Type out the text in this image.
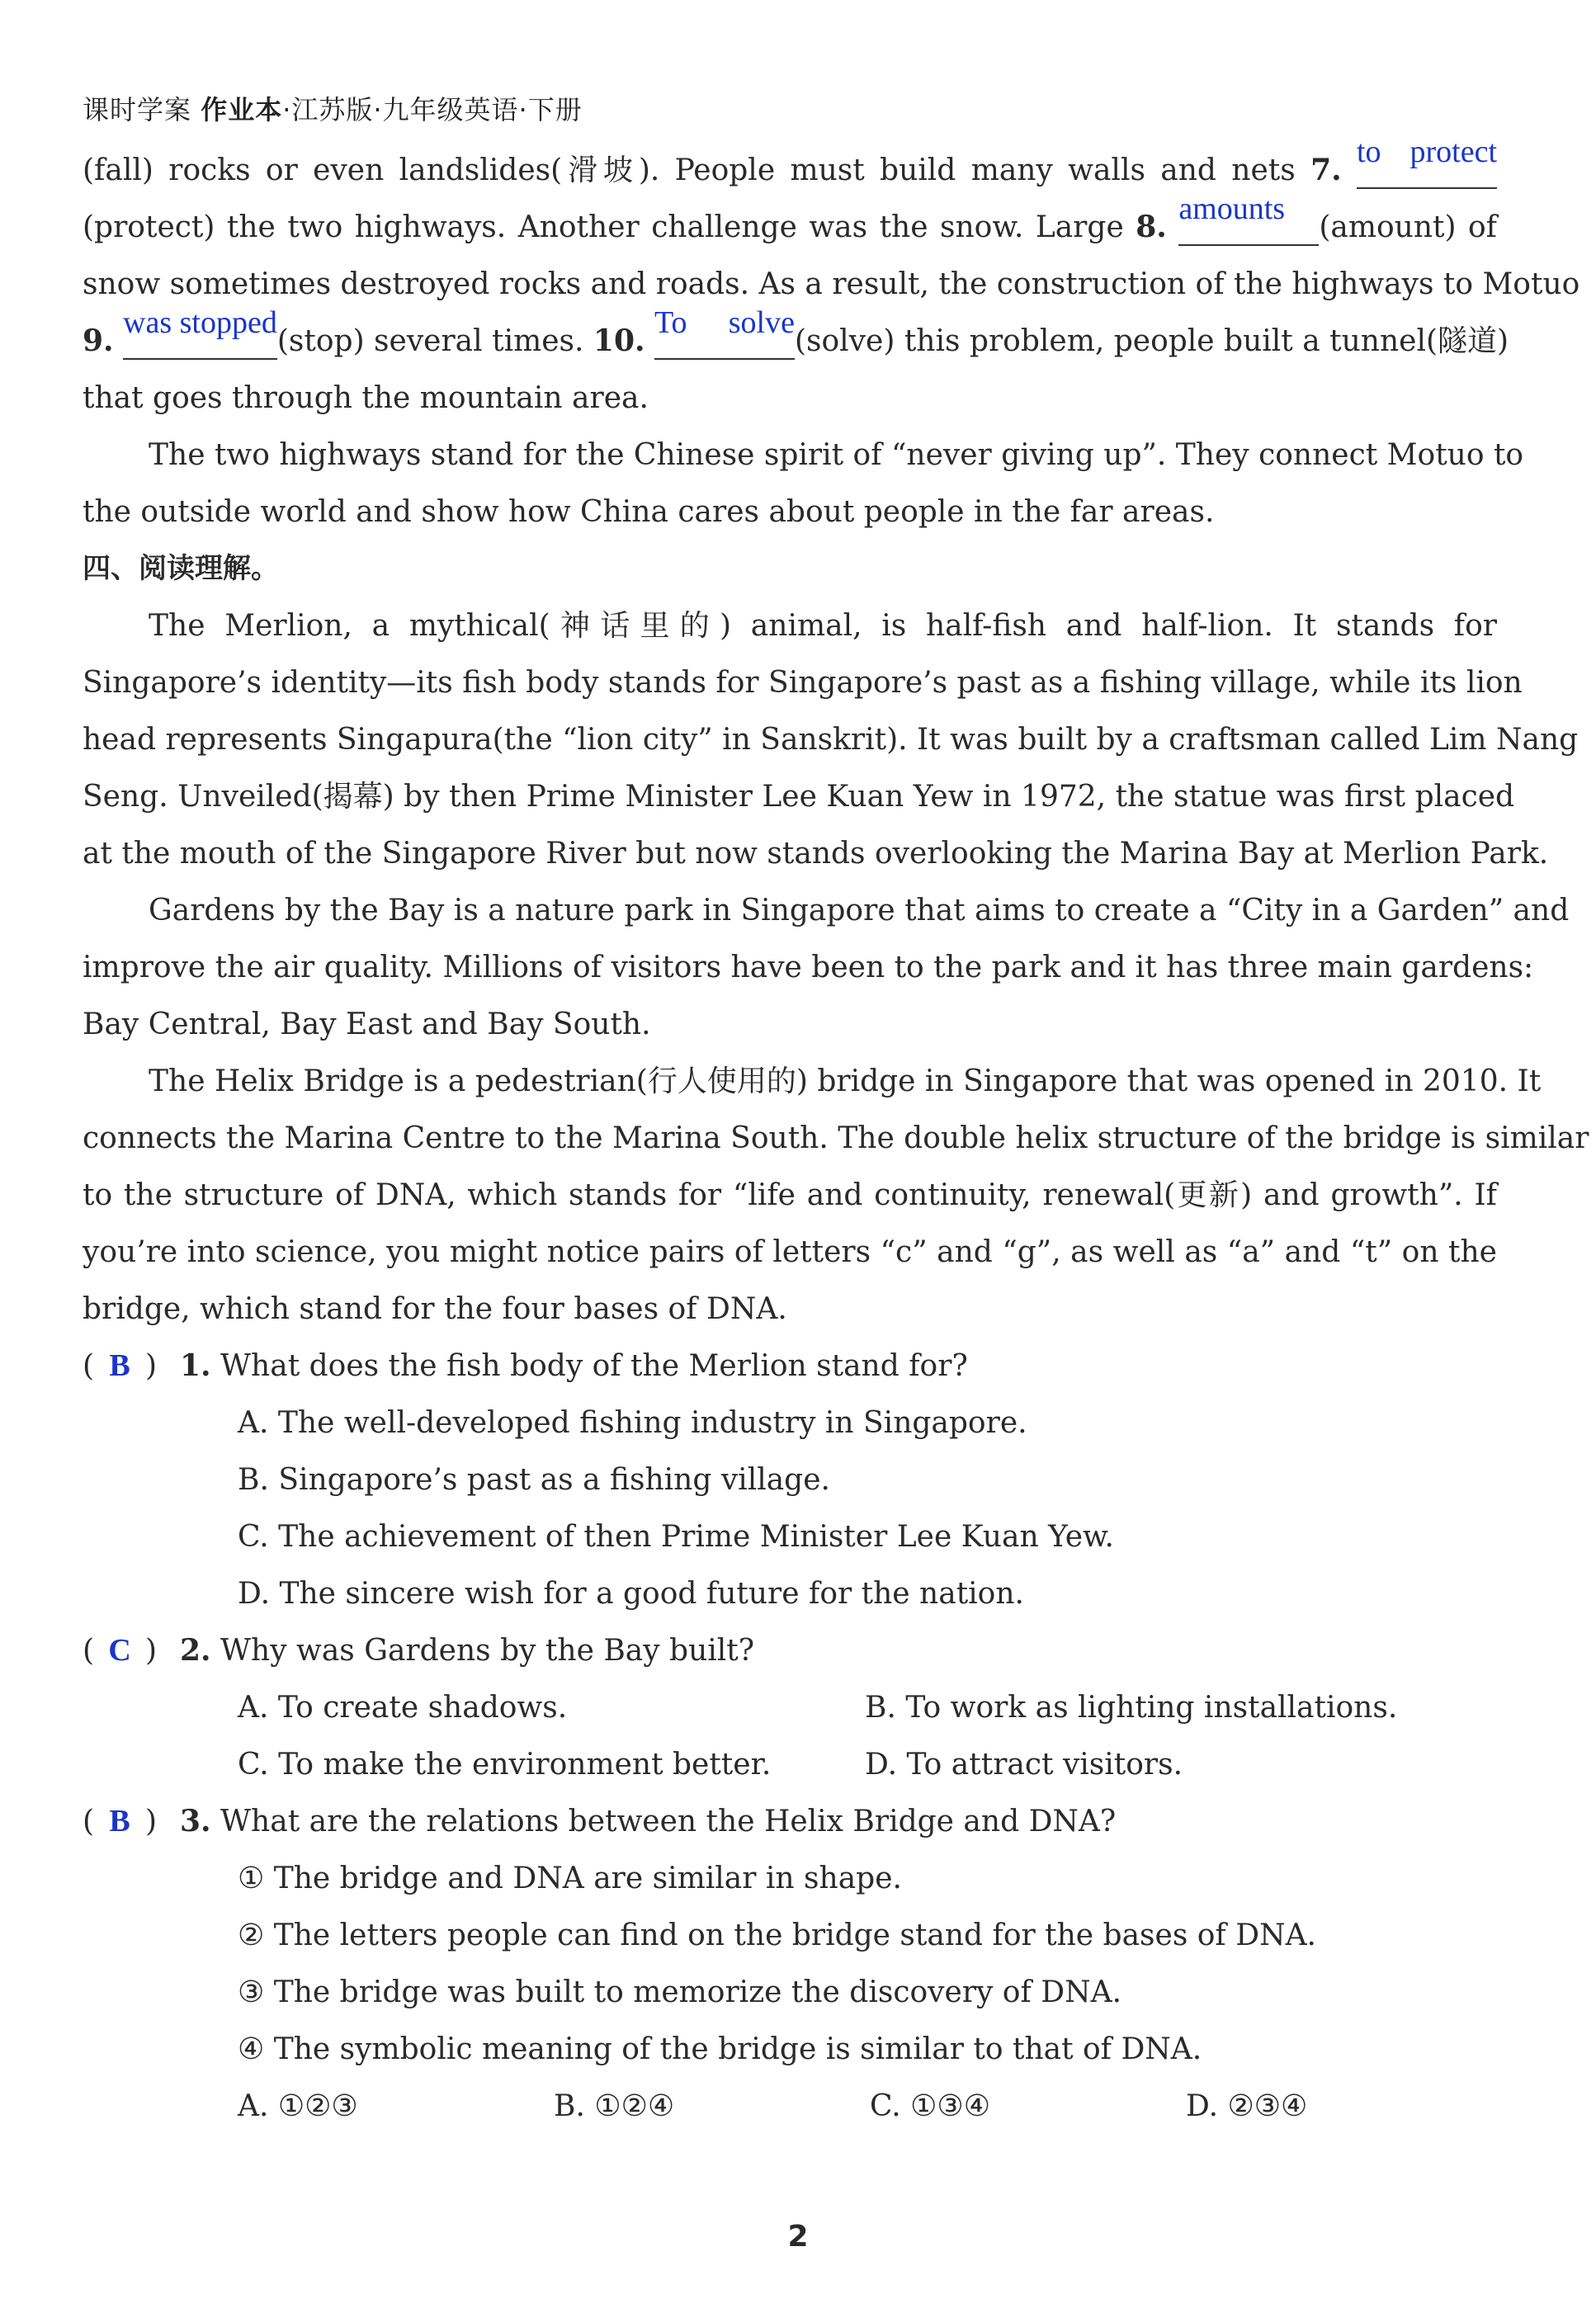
课时学案 作业本·江苏版·九年级英语·下册
(fall) rocks or even landslides(滑坡). People must build many walls and nets 7. to protect
(protect) the two highways. Another challenge was the snow. Large 8. amounts(amount) of
snow sometimes destroyed rocks and roads. As a result, the construction of the highways to Motuo
9. was stopped(stop) several times. 10. To solve(solve) this problem, people built a tunnel(隧道)
that goes through the mountain area.
The two highways stand for the Chinese spirit of “never giving up”. They connect Motuo to
the outside world and show how China cares about people in the far areas.
四、阅读理解。
The Merlion, a mythical(神话里的) animal, is half-fish and half-lion. It stands for
Singapore’s identity—its fish body stands for Singapore’s past as a fishing village, while its lion
head represents Singapura(the “lion city” in Sanskrit). It was built by a craftsman called Lim Nang
Seng. Unveiled(揭幕) by then Prime Minister Lee Kuan Yew in 1972, the statue was first placed
at the mouth of the Singapore River but now stands overlooking the Marina Bay at Merlion Park.
Gardens by the Bay is a nature park in Singapore that aims to create a “City in a Garden” and
improve the air quality. Millions of visitors have been to the park and it has three main gardens:
Bay Central, Bay East and Bay South.
The Helix Bridge is a pedestrian(行人使用的) bridge in Singapore that was opened in 2010. It
connects the Marina Centre to the Marina South. The double helix structure of the bridge is similar
to the structure of DNA, which stands for “life and continuity, renewal(更新) and growth”. If
you’re into science, you might notice pairs of letters “c” and “g”, as well as “a” and “t” on the
bridge, which stand for the four bases of DNA.
( B ) 1. What does the fish body of the Merlion stand for?
A. The well-developed fishing industry in Singapore.
B. Singapore’s past as a fishing village.
C. The achievement of then Prime Minister Lee Kuan Yew.
D. The sincere wish for a good future for the nation.
( C ) 2. Why was Gardens by the Bay built?
A. To create shadows.	B. To work as lighting installations.
C. To make the environment better.	D. To attract visitors.
( B ) 3. What are the relations between the Helix Bridge and DNA?
① The bridge and DNA are similar in shape.
② The letters people can find on the bridge stand for the bases of DNA.
③ The bridge was built to memorize the discovery of DNA.
④ The symbolic meaning of the bridge is similar to that of DNA.
A. ①②③	B. ①②④	C. ①③④	D. ②③④
2
